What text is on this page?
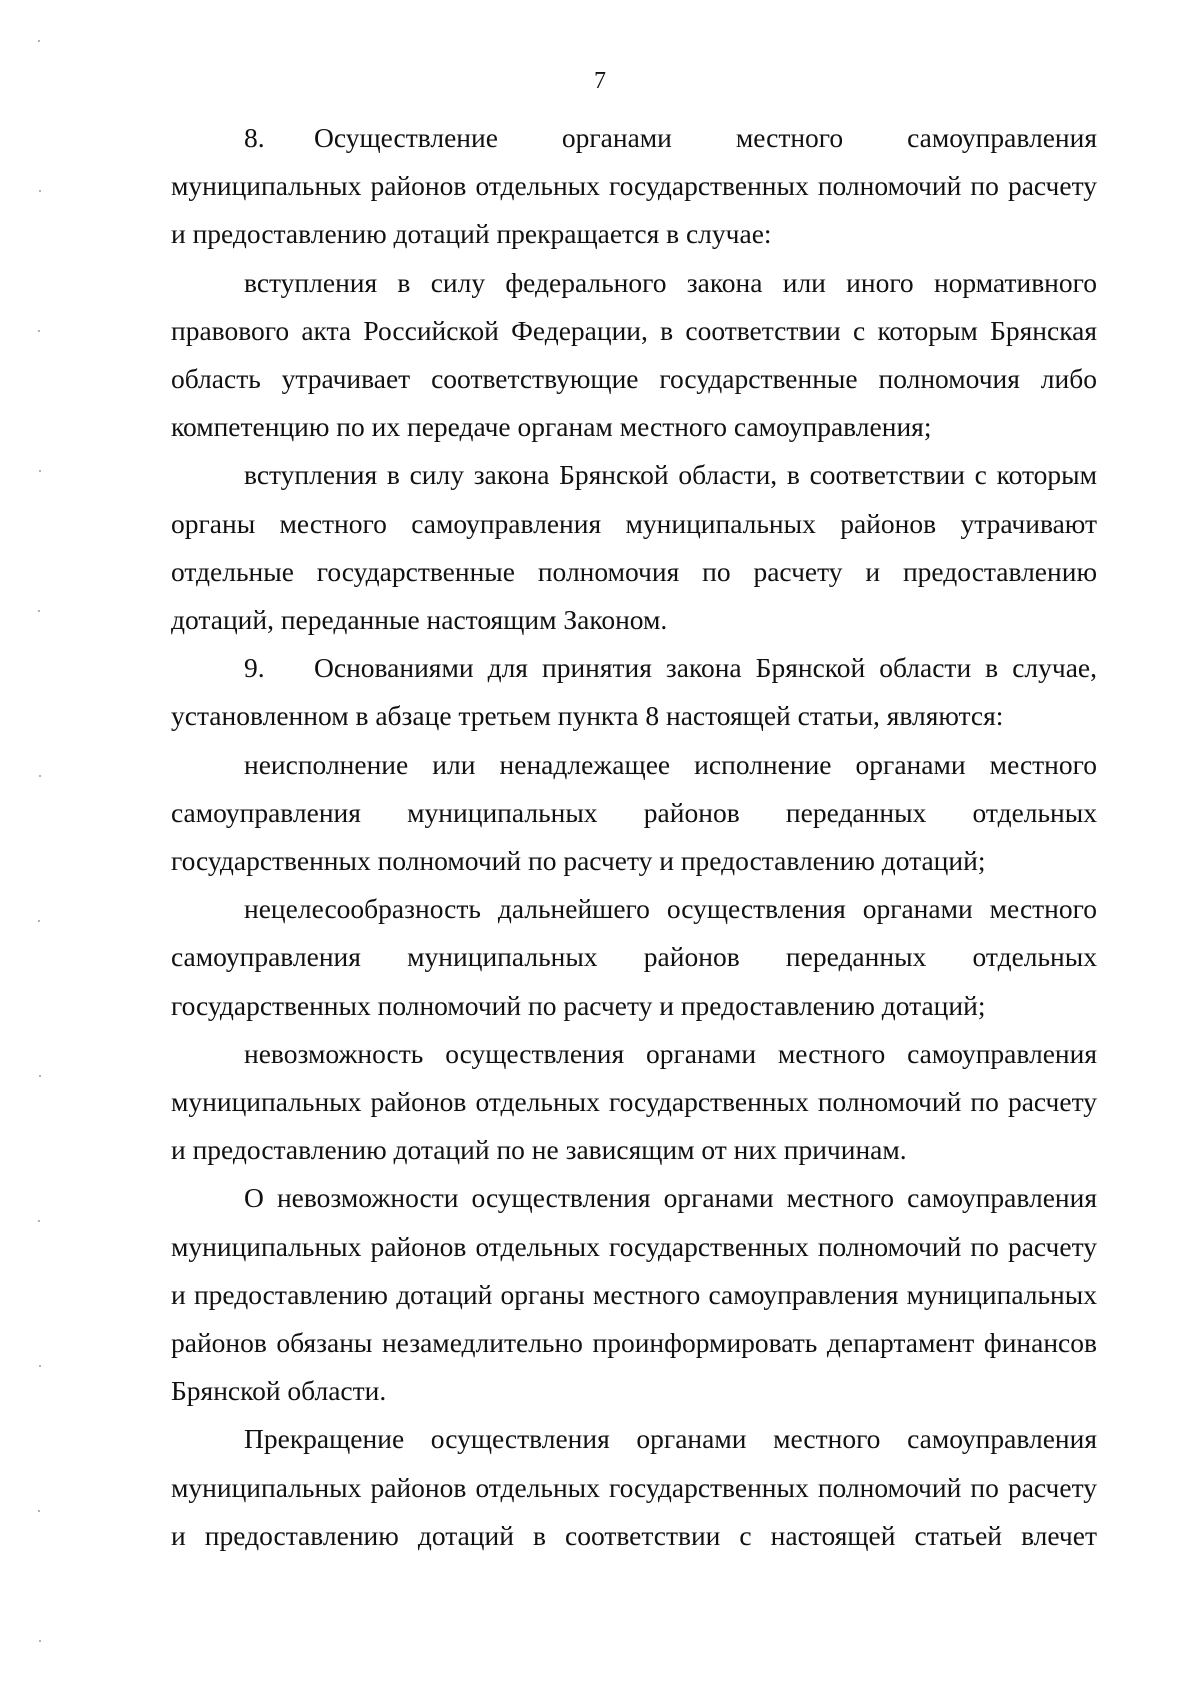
7

8. Осуществление органами местного самоуправления муниципальных районов отдельных государственных полномочий по расчету и предоставлению дотаций прекращается в случае:

вступления в силу федерального закона или иного нормативного правового акта Российской Федерации, в соответствии с которым Брянская область утрачивает соответствующие государственные полномочия либо компетенцию по их передаче органам местного самоуправления;

вступления в силу закона Брянской области, в соответствии с которым органы местного самоуправления муниципальных районов утрачивают отдельные государственные полномочия по расчету и предоставлению дотаций, переданные настоящим Законом.

9. Основаниями для принятия закона Брянской области в случае, установленном в абзаце третьем пункта 8 настоящей статьи, являются:

неисполнение или ненадлежащее исполнение органами местного самоуправления муниципальных районов переданных отдельных государственных полномочий по расчету и предоставлению дотаций;

нецелесообразность дальнейшего осуществления органами местного самоуправления муниципальных районов переданных отдельных государственных полномочий по расчету и предоставлению дотаций;

невозможность осуществления органами местного самоуправления муниципальных районов отдельных государственных полномочий по расчету и предоставлению дотаций по не зависящим от них причинам.

О невозможности осуществления органами местного самоуправления муниципальных районов отдельных государственных полномочий по расчету и предоставлению дотаций органы местного самоуправления муниципальных районов обязаны незамедлительно проинформировать департамент финансов Брянской области.

Прекращение осуществления органами местного самоуправления муниципальных районов отдельных государственных полномочий по расчету и предоставлению дотаций в соответствии с настоящей статьей влечет
